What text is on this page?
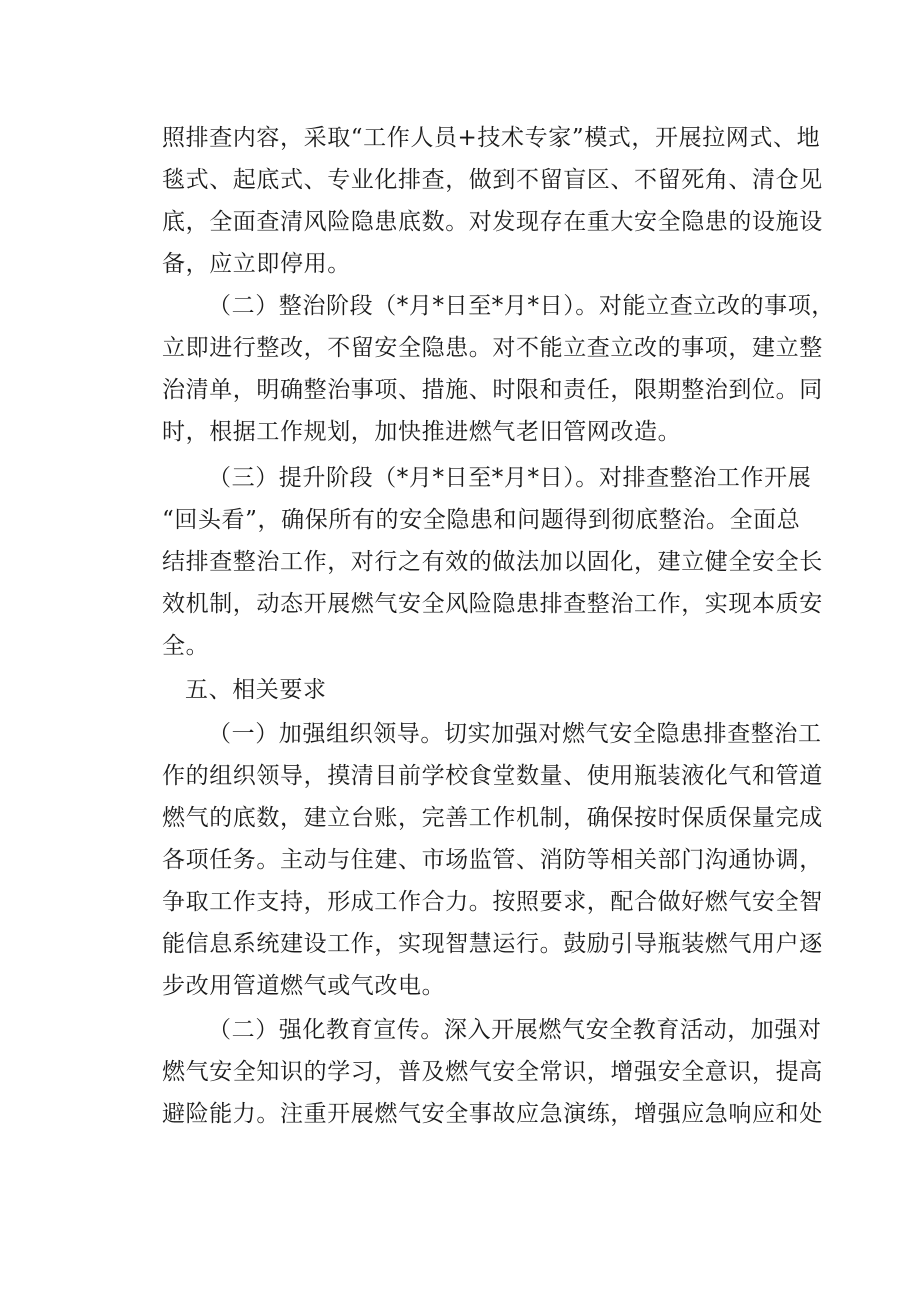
照排查内容，采取“工作人员+技术专家”模式，开展拉网式、地
毯式、起底式、专业化排查，做到不留盲区、不留死角、清仓见
底，全面查清风险隐患底数。对发现存在重大安全隐患的设施设
备，应立即停用。
（二）整治阶段（*月*日至*月*日）。对能立查立改的事项，
立即进行整改，不留安全隐患。对不能立查立改的事项，建立整
治清单，明确整治事项、措施、时限和责任，限期整治到位。同
时，根据工作规划，加快推进燃气老旧管网改造。
（三）提升阶段（*月*日至*月*日）。对排查整治工作开展
“回头看”，确保所有的安全隐患和问题得到彻底整治。全面总
结排查整治工作，对行之有效的做法加以固化，建立健全安全长
效机制，动态开展燃气安全风险隐患排查整治工作，实现本质安
全。
五、相关要求
（一）加强组织领导。切实加强对燃气安全隐患排查整治工
作的组织领导，摸清目前学校食堂数量、使用瓶装液化气和管道
燃气的底数，建立台账，完善工作机制，确保按时保质保量完成
各项任务。主动与住建、市场监管、消防等相关部门沟通协调，
争取工作支持，形成工作合力。按照要求，配合做好燃气安全智
能信息系统建设工作，实现智慧运行。鼓励引导瓶装燃气用户逐
步改用管道燃气或气改电。
（二）强化教育宣传。深入开展燃气安全教育活动，加强对
燃气安全知识的学习，普及燃气安全常识，增强安全意识，提高
避险能力。注重开展燃气安全事故应急演练，增强应急响应和处
